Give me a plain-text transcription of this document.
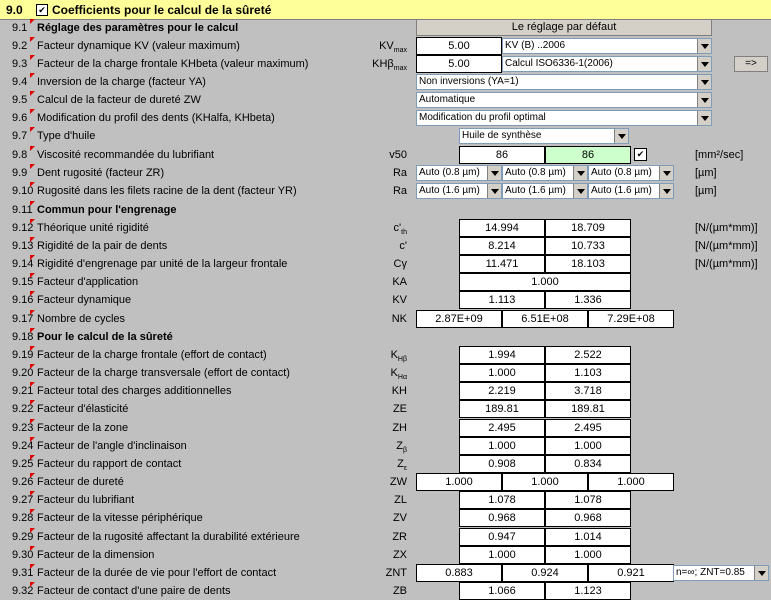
9.0 ✔ Coefficients pour le calcul de la sûreté
Le réglage par défaut
9.1 Réglage des paramètres pour le calcul
9.2 Facteur dynamique KV (valeur maximum)	$KV_{max}$	5.00	KV (B) ..2006
9.3 Facteur de la charge frontale KHbeta (valeur maximum)	KHβ$_{max}$	5.00	Calcul ISO6336-1(2006)	=>
9.4 Inversion de la charge (facteur YA)	Non inversions (YA=1)
9.5 Calcul de la facteur de dureté ZW	Automatique
9.6 Modification du profil des dents (KHalfa, KHbeta)	Modification du profil optimal
9.7 Type d'huile	Huile de synthèse
9.8 Viscosité recommandée du lubrifiant	v50	86	86	✔	[mm²/sec]
9.9 Dent rugosité (facteur ZR)	Ra	Auto (0.8 µm)	Auto (0.8 µm)	Auto (0.8 µm)	[µm]
9.10 Rugosité dans les filets racine de la dent (facteur YR)	Ra	Auto (1.6 µm)	Auto (1.6 µm)	Auto (1.6 µm)	[µm]
9.11 Commun pour l'engrenage
9.12 Théorique unité rigidité	$c'_{th}$	14.994	18.709	[N/(µm*mm)]
9.13 Rigidité de la pair de dents	c'	8.214	10.733	[N/(µm*mm)]
9.14 Rigidité d'engrenage par unité de la largeur frontale	Cγ	11.471	18.103	[N/(µm*mm)]
9.15 Facteur d'application	KA	1.000
9.16 Facteur dynamique	KV	1.113	1.336
9.17 Nombre de cycles	NK	2.87E+09	6.51E+08	7.29E+08
9.18 Pour le calcul de la sûreté
9.19 Facteur de la charge frontale (effort de contact)	$K_{H\beta}$	1.994	2.522
9.20 Facteur de la charge transversale (effort de contact)	$K_{H\alpha}$	1.000	1.103
9.21 Facteur total des charges additionnelles	KH	2.219	3.718
9.22 Facteur d'élasticité	ZE	189.81	189.81
9.23 Facteur de la zone	ZH	2.495	2.495
9.24 Facteur de l'angle d'inclinaison	$Z_\beta$	1.000	1.000
9.25 Facteur du rapport de contact	$Z_\varepsilon$	0.908	0.834
9.26 Facteur de dureté	ZW	1.000	1.000	1.000
9.27 Facteur du lubrifiant	ZL	1.078	1.078
9.28 Facteur de la vitesse périphérique	ZV	0.968	0.968
9.29 Facteur de la rugosité affectant la durabilité extérieure	ZR	0.947	1.014
9.30 Facteur de la dimension	ZX	1.000	1.000
9.31 Facteur de la durée de vie pour l'effort de contact	ZNT	0.883	0.924	0.921	n=∞; ZNT=0.85
9.32 Facteur de contact d'une paire de dents	ZB	1.066	1.123
